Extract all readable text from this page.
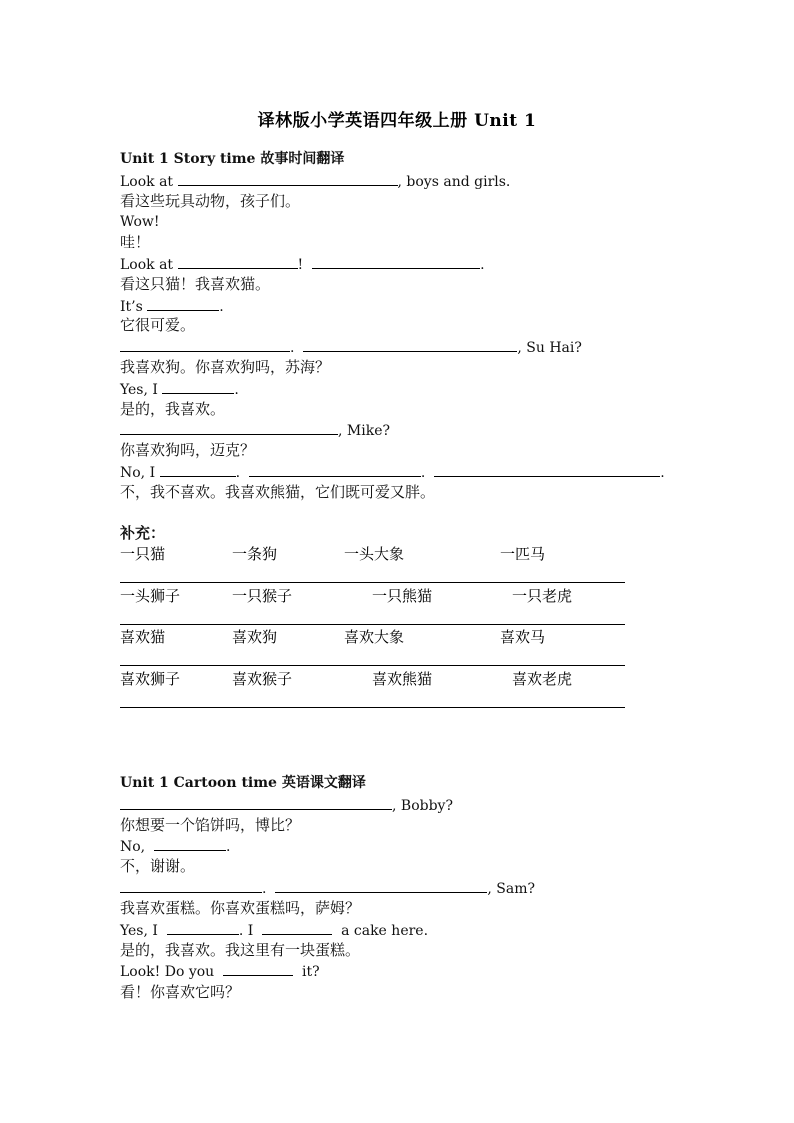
译林版小学英语四年级上册 Unit 1
Unit 1 Story time 故事时间翻译
Look at	, boys and girls.
看这些玩具动物，孩子们。
Wow!
哇！
Look at	!	.
看这只猫！我喜欢猫。
It’s	.
它很可爱。
.	, Su Hai?
我喜欢狗。你喜欢狗吗，苏海？
Yes, I	.
是的，我喜欢。
, Mike?
你喜欢狗吗，迈克？
No, I	.	.	.
不，我不喜欢。我喜欢熊猫，它们既可爱又胖。
补充：
一只猫	一条狗	一头大象	一匹马
一头狮子	一只猴子	一只熊猫	一只老虎
喜欢猫	喜欢狗	喜欢大象	喜欢马
喜欢狮子	喜欢猴子	喜欢熊猫	喜欢老虎
Unit 1 Cartoon time 英语课文翻译
, Bobby?
你想要一个馅饼吗，博比？
No,	.
不，谢谢。
.	, Sam?
我喜欢蛋糕。你喜欢蛋糕吗，萨姆？
Yes, I	. I	a cake here.
是的，我喜欢。我这里有一块蛋糕。
Look! Do you	it?
看！你喜欢它吗？
